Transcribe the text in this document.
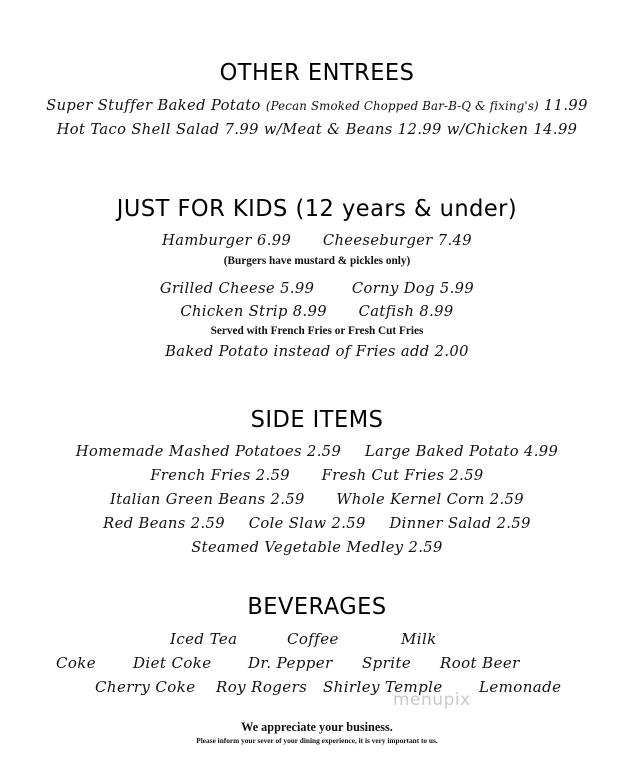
OTHER ENTREES
Super Stuffer Baked Potato (Pecan Smoked Chopped Bar-B-Q & fixing's) 11.99
Hot Taco Shell Salad 7.99 w/Meat & Beans 12.99 w/Chicken 14.99
JUST FOR KIDS (12 years & under)
Hamburger 6.99 Cheeseburger 7.49
(Burgers have mustard & pickles only)
Grilled Cheese 5.99 Corny Dog 5.99
Chicken Strip 8.99 Catfish 8.99
Served with French Fries or Fresh Cut Fries
Baked Potato instead of Fries add 2.00
SIDE ITEMS
Homemade Mashed Potatoes 2.59 Large Baked Potato 4.99
French Fries 2.59 Fresh Cut Fries 2.59
Italian Green Beans 2.59 Whole Kernel Corn 2.59
Red Beans 2.59 Cole Slaw 2.59 Dinner Salad 2.59
Steamed Vegetable Medley 2.59
BEVERAGES
Iced Tea	Coffee	Milk
Coke Diet Coke Dr. Pepper Sprite Root Beer
Cherry Coke Roy Rogers Shirley Temple Lemonade
menupix
We appreciate your business.
Please inform your sever of your dining experience, it is very important to us.
